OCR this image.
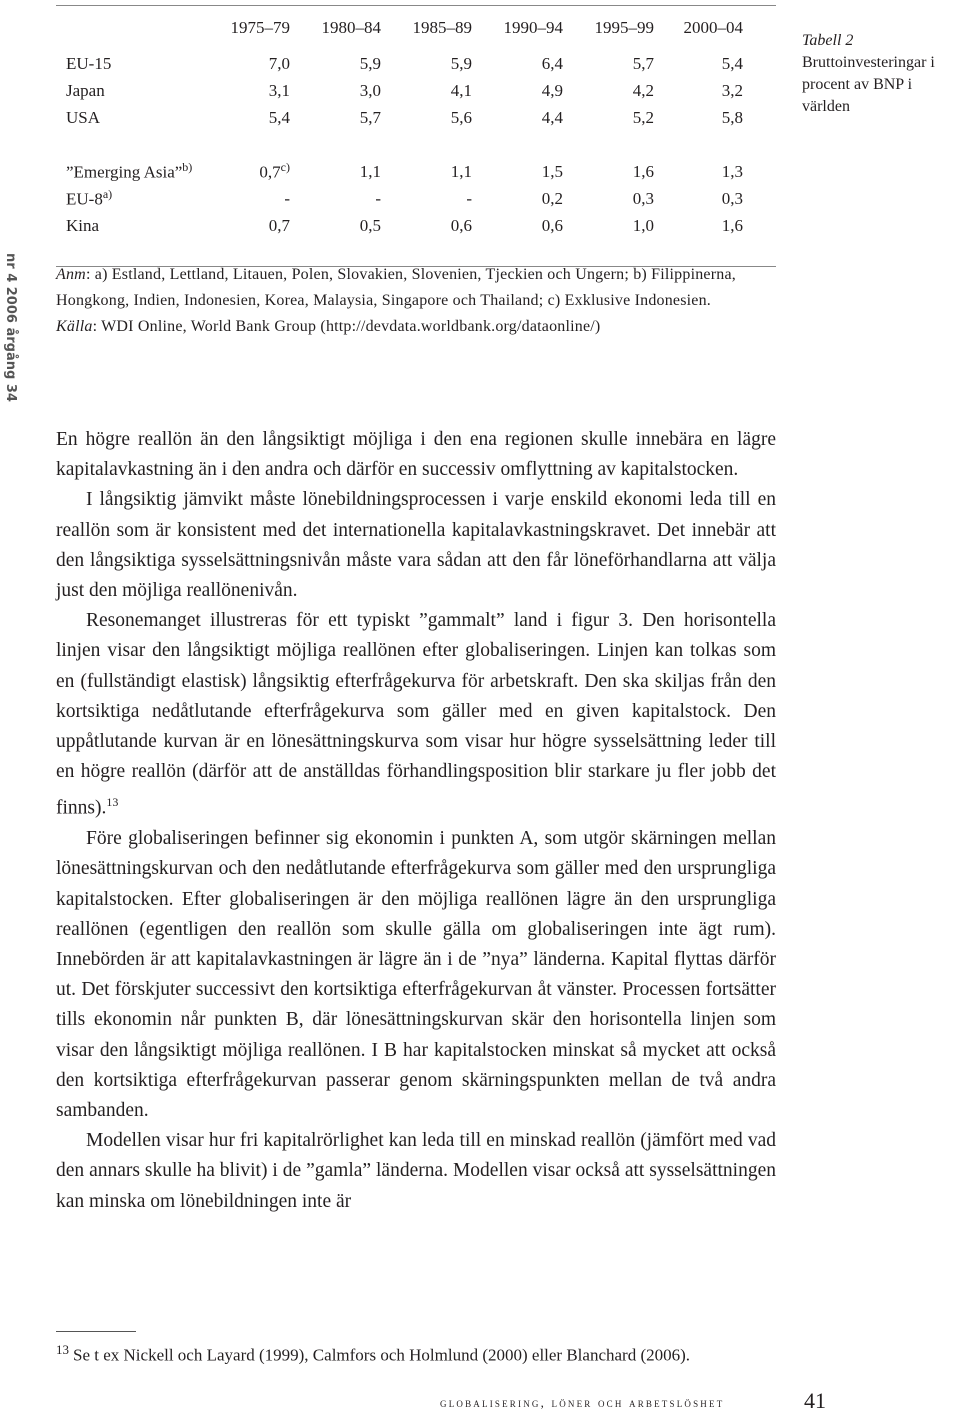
nr 4 2006 årgång 34
	1975–79	1980–84	1985–89	1990–94	1995–99	2000–04
EU-15	7,0	5,9	5,9	6,4	5,7	5,4
Japan	3,1	3,0	4,1	4,9	4,2	3,2
USA	5,4	5,7	5,6	4,4	5,2	5,8

”Emerging Asia”$^{b)}$	0,7$^{c)}$	1,1	1,1	1,5	1,6	1,3
EU-8$^{a)}$	-	-	-	0,2	0,3	0,3
Kina	0,7	0,5	0,6	0,6	1,0	1,6

Tabell 2
Bruttoinvesteringar i procent av BNP i världen
Anm: a) Estland, Lettland, Litauen, Polen, Slovakien, Slovenien, Tjeckien och Ungern; b) Filippinerna, Hongkong, Indien, Indonesien, Korea, Malaysia, Singapore och Thailand; c) Exklusive Indonesien.
Källa: WDI Online, World Bank Group (http://devdata.worldbank.org/dataonline/)

En högre reallön än den långsiktigt möjliga i den ena regionen skulle innebära en lägre kapitalavkastning än i den andra och därför en successiv omflyttning av kapitalstocken.

I långsiktig jämvikt måste lönebildningsprocessen i varje enskild ekonomi leda till en reallön som är konsistent med det internationella kapitalavkastningskravet. Det innebär att den långsiktiga sysselsättningsnivån måste vara sådan att den får löneförhandlarna att välja just den möjliga reallönenivån.

Resonemanget illustreras för ett typiskt ”gammalt” land i figur 3. Den horisontella linjen visar den långsiktigt möjliga reallönen efter globaliseringen. Linjen kan tolkas som en (fullständigt elastisk) långsiktig efterfrågekurva för arbetskraft. Den ska skiljas från den kortsiktiga nedåtlutande efterfrågekurva som gäller med en given kapitalstock. Den uppåtlutande kurvan är en lönesättningskurva som visar hur högre sysselsättning leder till en högre reallön (därför att de anställdas förhandlingsposition blir starkare ju fler jobb det finns).$^{13}$

Före globaliseringen befinner sig ekonomin i punkten A, som utgör skärningen mellan lönesättningskurvan och den nedåtlutande efterfrågekurva som gäller med den ursprungliga kapitalstocken. Efter globaliseringen är den möjliga reallönen lägre än den ursprungliga reallönen (egentligen den reallön som skulle gälla om globaliseringen inte ägt rum). Innebörden är att kapitalavkastningen är lägre än i de ”nya” länderna. Kapital flyttas därför ut. Det förskjuter successivt den kortsiktiga efterfrågekurvan åt vänster. Processen fortsätter tills ekonomin når punkten B, där lönesättningskurvan skär den horisontella linjen som visar den långsiktigt möjliga reallönen. I B har kapitalstocken minskat så mycket att också den kortsiktiga efterfrågekurvan passerar genom skärningspunkten mellan de två andra sambanden.

Modellen visar hur fri kapitalrörlighet kan leda till en minskad reallön (jämfört med vad den annars skulle ha blivit) i de ”gamla” länderna. Modellen visar också att sysselsättningen kan minska om lönebildningen inte är

$^{13}$ Se t ex Nickell och Layard (1999), Calmfors och Holmlund (2000) eller Blanchard (2006).
globalisering, löner och arbetslöshet	41
